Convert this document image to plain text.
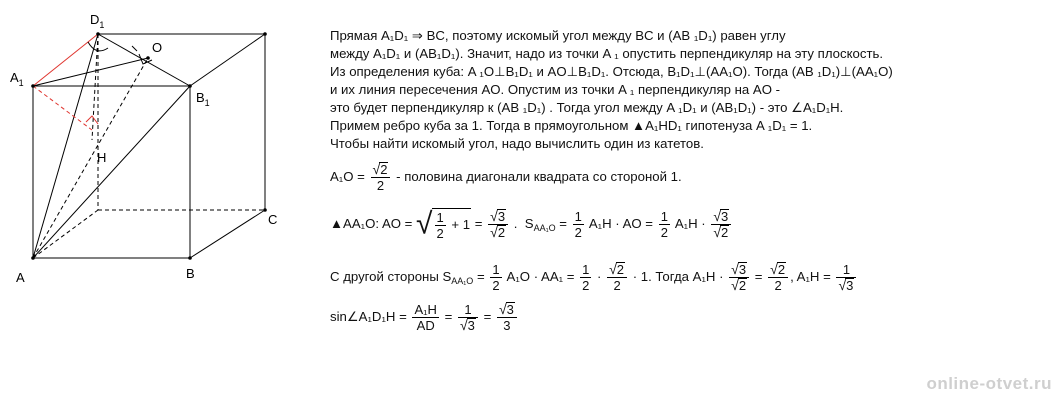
$D_1$
$A_1$
$B_1$
O
H
A	B
C
Прямая A₁D₁ ⇒ BC, поэтому искомый угол между BC и (AB ₁D₁) равен углу
между A₁D₁ и (AB₁D₁). Значит, надо из точки A ₁ опустить перпендикуляр на эту плоскость.
Из определения куба: A ₁O⊥B₁D₁ и AO⊥B₁D₁. Отсюда, B₁D₁⊥(AA₁O). Тогда (AB ₁D₁)⊥(AA₁O)
и их линия пересечения AO. Опустим из точки A ₁ перпендикуляр на AO -
это будет перпендикуляр к (AB ₁D₁) . Тогда угол между A ₁D₁ и (AB₁D₁) - это ∠A₁D₁H.
Примем ребро куба за 1. Тогда в прямоугольном ▲A₁HD₁ гипотенуза A ₁D₁ = 1.
Чтобы найти искомый угол, надо вычислить один из катетов.
$A_1O = \frac{√2}{2}$ - половина диагонали квадрата со стороной 1.
▲AA₁O: AO = √ $\frac{1}{2} + 1 = \frac{√3}{√2}$ . $S_{AA_1O} = \frac{1}{2} A_1H$ · AO = $\frac{1}{2} A_1H \cdot \frac{√3}{√2}$
С другой стороны $S_{AA_1O} = \frac{1}{2} A_1O \cdot AA_1 = \frac{1}{2} \cdot \frac{√2}{2} \cdot 1$. Тогда $A_1H \cdot \frac{√3}{√2} = \frac{√2}{2}$ , $A_1H = \frac{1}{√3}$
sin∠A₁D₁H = $\frac{\text{A₁H}}{AD} = \frac{1}{√3} = \frac{√3}{3}$
online-otvet.ru
